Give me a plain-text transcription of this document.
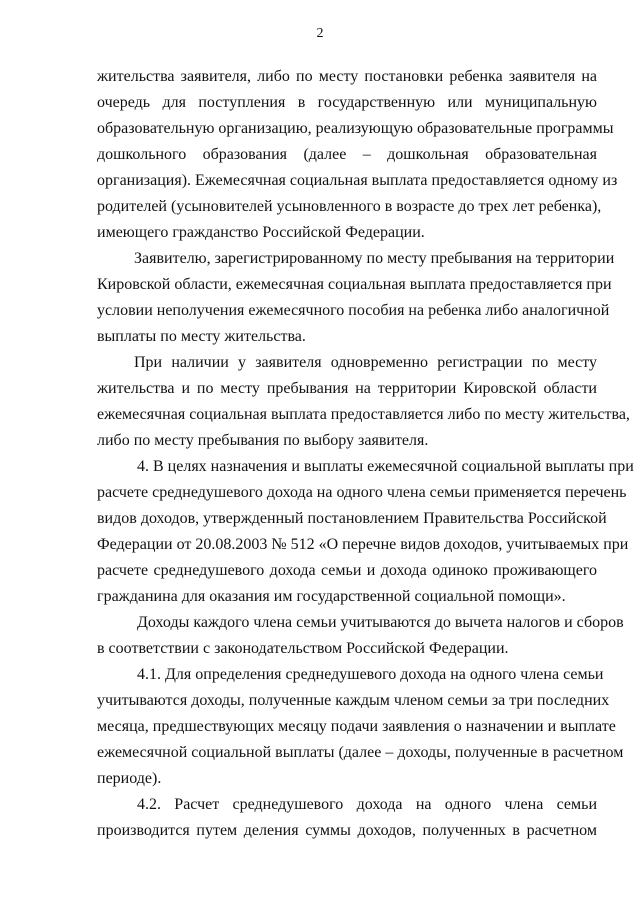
2
жительства заявителя, либо по месту постановки ребенка заявителя на
очередь для поступления в государственную или муниципальную
образовательную организацию, реализующую образовательные программы
дошкольного образования (далее – дошкольная образовательная
организация). Ежемесячная социальная выплата предоставляется одному из
родителей (усыновителей усыновленного в возрасте до трех лет ребенка),
имеющего гражданство Российской Федерации.
Заявителю, зарегистрированному по месту пребывания на территории
Кировской области, ежемесячная социальная выплата предоставляется при
условии неполучения ежемесячного пособия на ребенка либо аналогичной
выплаты по месту жительства.
При наличии у заявителя одновременно регистрации по месту
жительства и по месту пребывания на территории Кировской области
ежемесячная социальная выплата предоставляется либо по месту жительства,
либо по месту пребывания по выбору заявителя.
4. В целях назначения и выплаты ежемесячной социальной выплаты при
расчете среднедушевого дохода на одного члена семьи применяется перечень
видов доходов, утвержденный постановлением Правительства Российской
Федерации от 20.08.2003 № 512 «О перечне видов доходов, учитываемых при
расчете среднедушевого дохода семьи и дохода одиноко проживающего
гражданина для оказания им государственной социальной помощи».
Доходы каждого члена семьи учитываются до вычета налогов и сборов
в соответствии с законодательством Российской Федерации.
4.1. Для определения среднедушевого дохода на одного члена семьи
учитываются доходы, полученные каждым членом семьи за три последних
месяца, предшествующих месяцу подачи заявления о назначении и выплате
ежемесячной социальной выплаты (далее – доходы, полученные в расчетном
периоде).
4.2. Расчет среднедушевого дохода на одного члена семьи
производится путем деления суммы доходов, полученных в расчетном
